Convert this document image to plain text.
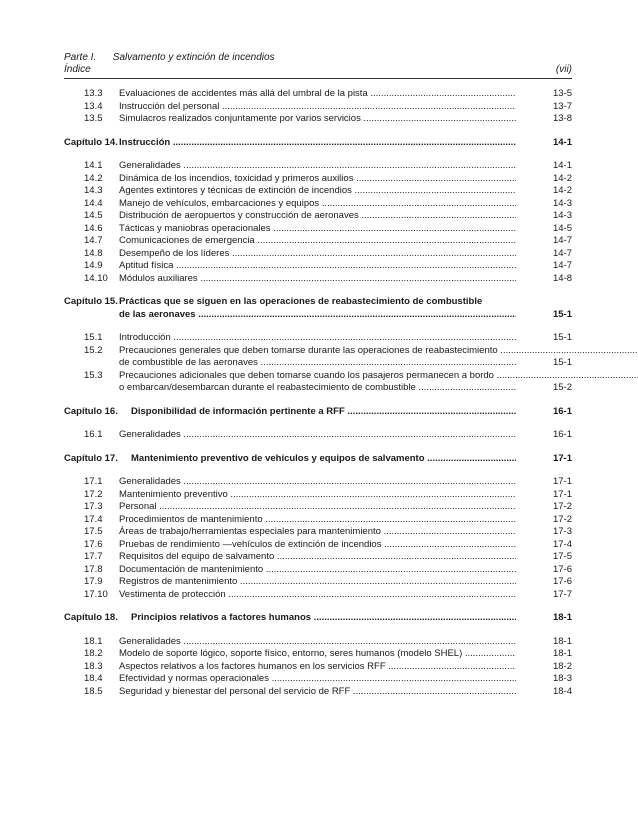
Parte I. Salvamento y extinción de incendios
Índice	(vii)
13.3	Evaluaciones de accidentes más allá del umbral de la pista .....	13-5
13.4	Instrucción del personal .....	13-7
13.5	Simulacros realizados conjuntamente por varios servicios .....	13-8
Capítulo 14. Instrucción .....	14-1
14.1	Generalidades .....	14-1
14.2	Dinámica de los incendios, toxicidad y primeros auxilios .....	14-2
14.3	Agentes extintores y técnicas de extinción de incendios .....	14-2
14.4	Manejo de vehículos, embarcaciones y equipos .....	14-3
14.5	Distribución de aeropuertos y construcción de aeronaves .....	14-3
14.6	Tácticas y maniobras operacionales .....	14-5
14.7	Comunicaciones de emergencia .....	14-7
14.8	Desempeño de los líderes .....	14-7
14.9	Aptitud física .....	14-7
14.10	Módulos auxiliares .....	14-8
Capítulo 15. Prácticas que se siguen en las operaciones de reabastecimiento de combustible
de las aeronaves .....	15-1
15.1	Introducción .....	15-1
15.2	Precauciones generales que deben tomarse durante las operaciones de reabastecimiento .....
de combustible de las aeronaves .....	15-1
15.3	Precauciones adicionales que deben tomarse cuando los pasajeros permanecen a bordo .....
o embarcan/desembarcan durante el reabastecimiento de combustible .....	15-2
Capítulo 16. Disponibilidad de información pertinente a RFF .....	16-1
16.1	Generalidades .....	16-1
Capítulo 17. Mantenimiento preventivo de vehículos y equipos de salvamento .....	17-1
17.1	Generalidades .....	17-1
17.2	Mantenimiento preventivo .....	17-1
17.3	Personal .....	17-2
17.4	Procedimientos de mantenimiento .....	17-2
17.5	Áreas de trabajo/herramientas especiales para mantenimiento .....	17-3
17.6	Pruebas de rendimiento —vehículos de extinción de incendios .....	17-4
17.7	Requisitos del equipo de salvamento .....	17-5
17.8	Documentación de mantenimiento .....	17-6
17.9	Registros de mantenimiento .....	17-6
17.10	Vestimenta de protección .....	17-7
Capítulo 18. Principios relativos a factores humanos .....	18-1
18.1	Generalidades .....	18-1
18.2	Modelo de soporte lógico, soporte físico, entorno, seres humanos (modelo SHEL) .....	18-1
18.3	Aspectos relativos a los factores humanos en los servicios RFF .....	18-2
18.4	Efectividad y normas operacionales .....	18-3
18.5	Seguridad y bienestar del personal del servicio de RFF .....	18-4
